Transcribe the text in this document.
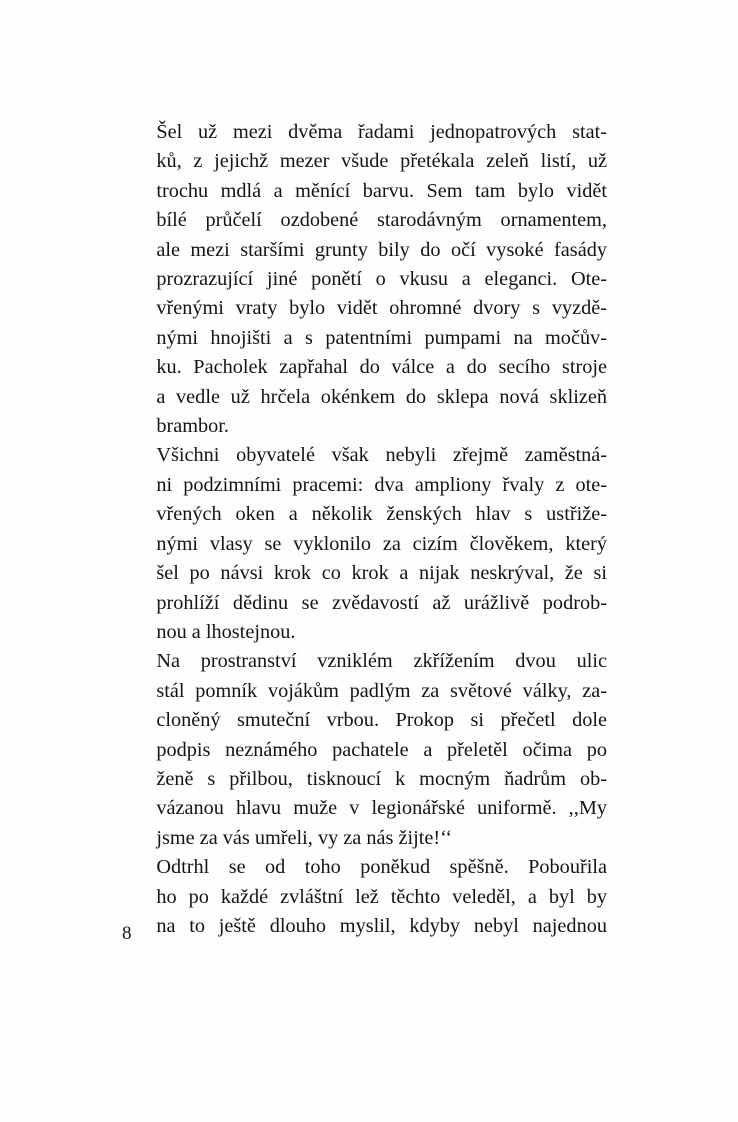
Šel už mezi dvěma řadami jednopatrových stat-
ků, z jejichž mezer všude přetékala zeleň listí, už
trochu mdlá a měnící barvu. Sem tam bylo vidět
bílé průčelí ozdobené starodávným ornamentem,
ale mezi staršími grunty bily do očí vysoké fasády
prozrazující jiné ponětí o vkusu a eleganci. Ote-
vřenými vraty bylo vidět ohromné dvory s vyzdě-
nými hnojišti a s patentními pumpami na močův-
ku. Pacholek zapřahal do válce a do secího stroje
a vedle už hrčela okénkem do sklepa nová sklizeň
brambor.
Všichni obyvatelé však nebyli zřejmě zaměstná-
ni podzimními pracemi: dva ampliony řvaly z ote-
vřených oken a několik ženských hlav s ustřiže-
nými vlasy se vyklonilo za cizím člověkem, který
šel po návsi krok co krok a nijak neskrýval, že si
prohlíží dědinu se zvědavostí až urážlivě podrob-
nou a lhostejnou.
Na prostranství vzniklém zkřížením dvou ulic
stál pomník vojákům padlým za světové války, za-
cloněný smuteční vrbou. Prokop si přečetl dole
podpis neznámého pachatele a přeletěl očima po
ženě s přilbou, tisknoucí k mocným ňadrům ob-
vázanou hlavu muže v legionářské uniformě. ,,My
jsme za vás umřeli, vy za nás žijte!‘‘
Odtrhl se od toho poněkud spěšně. Pobouřila
ho po každé zvláštní lež těchto veleděl, a byl by
na to ještě dlouho myslil, kdyby nebyl najednou
8
